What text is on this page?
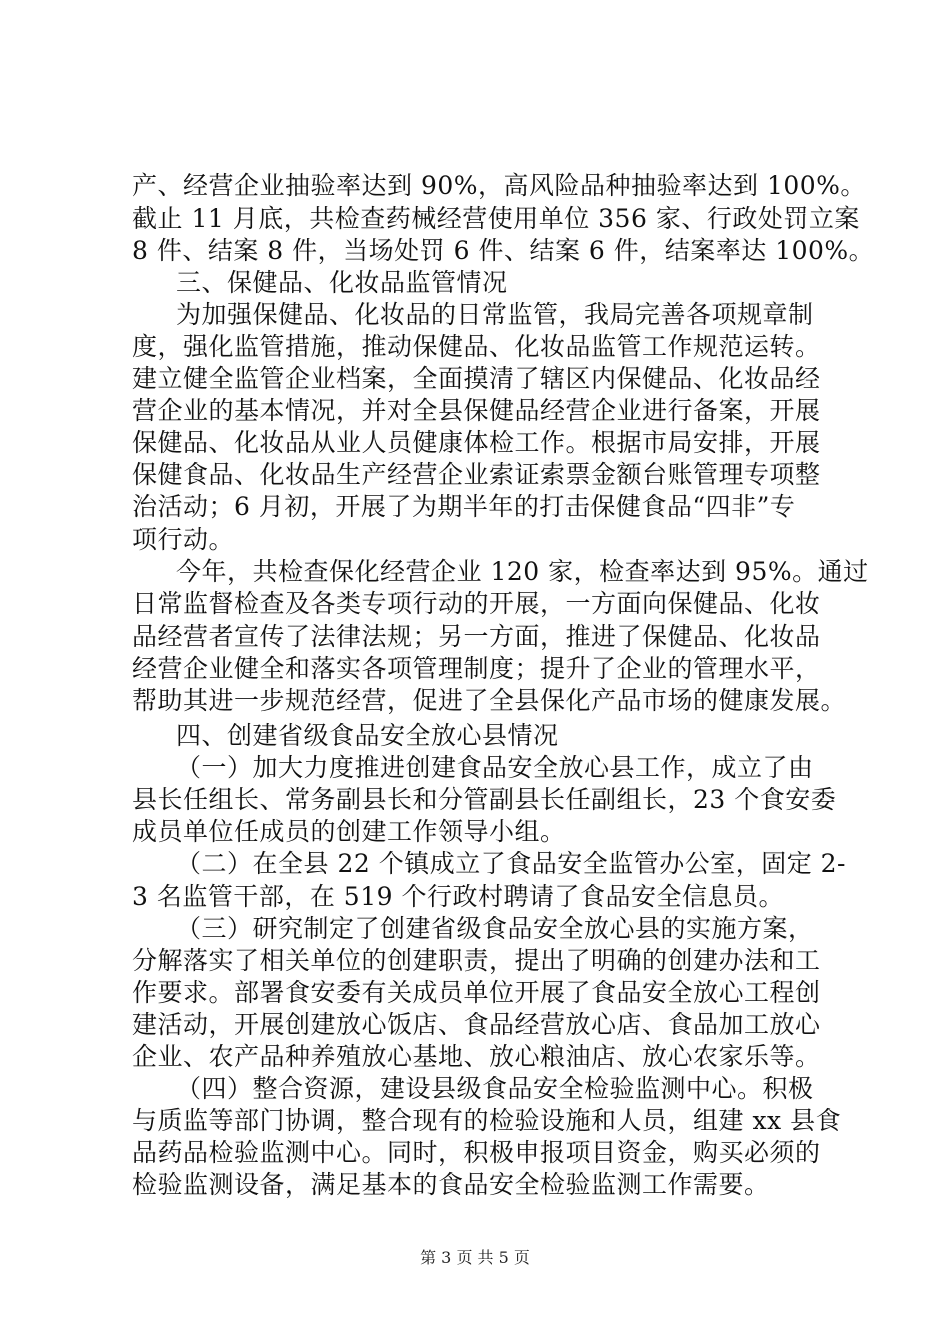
产、经营企业抽验率达到 90%，高风险品种抽验率达到 100%。
截止 11 月底，共检查药械经营使用单位 356 家、行政处罚立案
8 件、结案 8 件，当场处罚 6 件、结案 6 件，结案率达 100%。
三、保健品、化妆品监管情况
为加强保健品、化妆品的日常监管，我局完善各项规章制
度，强化监管措施，推动保健品、化妆品监管工作规范运转。
建立健全监管企业档案，全面摸清了辖区内保健品、化妆品经
营企业的基本情况，并对全县保健品经营企业进行备案，开展
保健品、化妆品从业人员健康体检工作。根据市局安排，开展
保健食品、化妆品生产经营企业索证索票金额台账管理专项整
治活动；6 月初，开展了为期半年的打击保健食品“四非”专
项行动。
今年，共检查保化经营企业 120 家，检查率达到 95%。通过
日常监督检查及各类专项行动的开展，一方面向保健品、化妆
品经营者宣传了法律法规；另一方面，推进了保健品、化妆品
经营企业健全和落实各项管理制度；提升了企业的管理水平，
帮助其进一步规范经营，促进了全县保化产品市场的健康发展。
四、创建省级食品安全放心县情况
（一）加大力度推进创建食品安全放心县工作，成立了由
县长任组长、常务副县长和分管副县长任副组长，23 个食安委
成员单位任成员的创建工作领导小组。
（二）在全县 22 个镇成立了食品安全监管办公室，固定 2-
3 名监管干部，在 519 个行政村聘请了食品安全信息员。
（三）研究制定了创建省级食品安全放心县的实施方案，
分解落实了相关单位的创建职责，提出了明确的创建办法和工
作要求。部署食安委有关成员单位开展了食品安全放心工程创
建活动，开展创建放心饭店、食品经营放心店、食品加工放心
企业、农产品种养殖放心基地、放心粮油店、放心农家乐等。
（四）整合资源，建设县级食品安全检验监测中心。积极
与质监等部门协调，整合现有的检验设施和人员，组建 xx 县食
品药品检验监测中心。同时，积极申报项目资金，购买必须的
检验监测设备，满足基本的食品安全检验监测工作需要。
第 3 页 共 5 页
